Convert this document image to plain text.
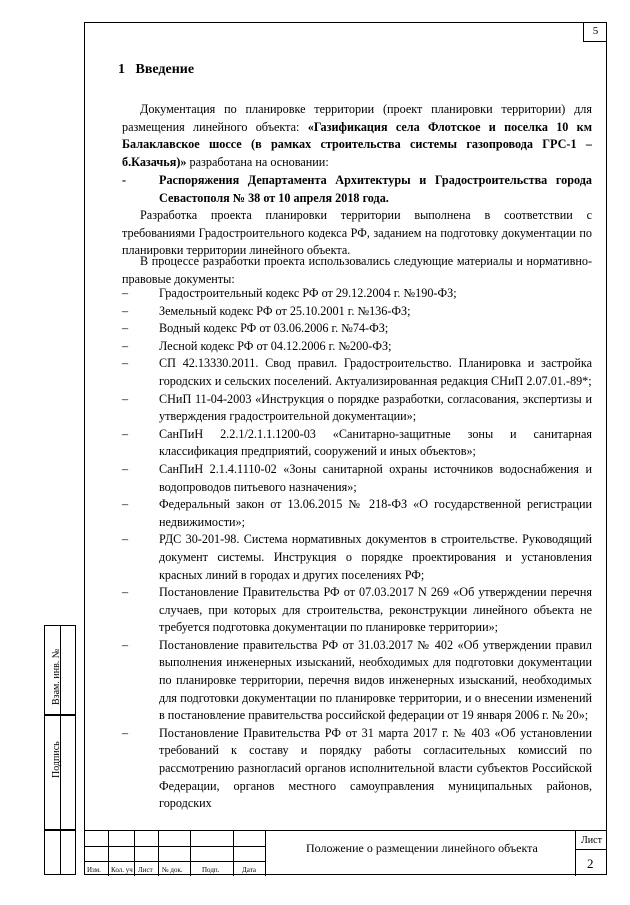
5
Взам. инв. №
Подпись
1 Введение
Документация по планировке территории (проект планировки территории) для размещения линейного объекта: «Газификация села Флотское и поселка 10 км Балаклавское шоссе (в рамках строительства системы газопровода ГРС-1 – б.Казачья)» разработана на основании:
-	Распоряжения Департамента Архитектуры и Градостроительства города Севастополя № 38 от 10 апреля 2018 года.
Разработка проекта планировки территории выполнена в соответствии с требованиями Градостроительного кодекса РФ, заданием на подготовку документации по планировки территории линейного объекта.
В процессе разработки проекта использовались следующие материалы и нормативно-правовые документы:
–	Градостроительный кодекс РФ от 29.12.2004 г. №190-ФЗ;
–	Земельный кодекс РФ от 25.10.2001 г. №136-ФЗ;
–	Водный кодекс РФ от 03.06.2006 г. №74-ФЗ;
–	Лесной кодекс РФ от 04.12.2006 г. №200-ФЗ;
–	СП 42.13330.2011. Свод правил. Градостроительство. Планировка и застройка городских и сельских поселений. Актуализированная редакция СНиП 2.07.01.-89*;
–	СНиП 11-04-2003 «Инструкция о порядке разработки, согласования, экспертизы и утверждения градостроительной документации»;
–	СанПиН 2.2.1/2.1.1.1200-03 «Санитарно-защитные зоны и санитарная классификация предприятий, сооружений и иных объектов»;
–	СанПиН 2.1.4.1110-02 «Зоны санитарной охраны источников водоснабжения и водопроводов питьевого назначения»;
–	Федеральный закон от 13.06.2015 № 218-ФЗ «О государственной регистрации недвижимости»;
–	РДС 30-201-98. Система нормативных документов в строительстве. Руководящий документ системы. Инструкция о порядке проектирования и установления красных линий в городах и других поселениях РФ;
–	Постановление Правительства РФ от 07.03.2017 N 269 «Об утверждении перечня случаев, при которых для строительства, реконструкции линейного объекта не требуется подготовка документации по планировке территории»;
–	Постановление правительства РФ от 31.03.2017 № 402 «Об утверждении правил выполнения инженерных изысканий, необходимых для подготовки документации по планировке территории, перечня видов инженерных изысканий, необходимых для подготовки документации по планировке территории, и о внесении изменений в постановление правительства российской федерации от 19 января 2006 г. № 20»;
–	Постановление Правительства РФ от 31 марта 2017 г. № 403 «Об установлении требований к составу и порядку работы согласительных комиссий по рассмотрению разногласий органов исполнительной власти субъектов Российской Федерации, органов местного самоуправления муниципальных районов, городских
Изм. Кол. уч Лист № док.	Подп.	Дата
Положение о размещении линейного объекта
Лист
2
